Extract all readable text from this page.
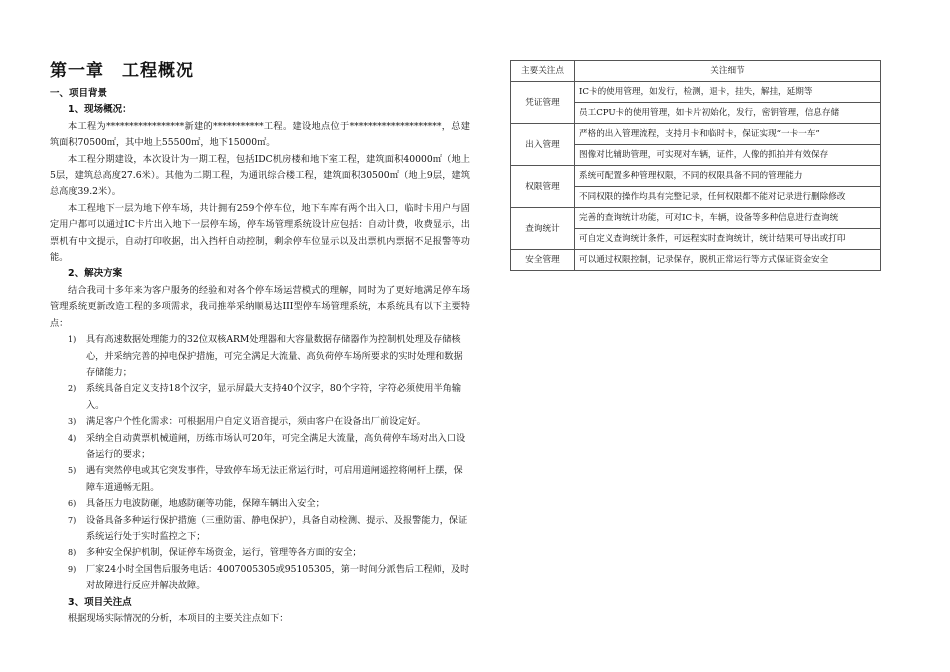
第一章 工程概况
一、项目背景
1、现场概况：
本工程为*****************新建的***********工程。建设地点位于********************，总建筑面积70500㎡，其中地上55500㎡，地下15000㎡。
本工程分期建设，本次设计为一期工程，包括IDC机房楼和地下室工程，建筑面积40000㎡（地上5层，建筑总高度27.6米）。其他为二期工程，为通讯综合楼工程，建筑面积30500㎡（地上9层，建筑总高度39.2米）。
本工程地下一层为地下停车场，共计拥有259个停车位，地下车库有两个出入口，临时卡用户与固定用户都可以通过IC卡片出入地下一层停车场，停车场管理系统设计应包括：自动计费，收费显示，出票机有中文提示，自动打印收据，出入挡杆自动控制，剩余停车位显示以及出票机内票据不足报警等功能。
2、解决方案
结合我司十多年来为客户服务的经验和对各个停车场运营模式的理解，同时为了更好地满足停车场管理系统更新改造工程的多项需求，我司推举采纳顺易达III型停车场管理系统，本系统具有以下主要特点：
1) 具有高速数据处理能力的32位双核ARM处理器和大容量数据存储器作为控制机处理及存储核心，并采纳完善的掉电保护措施，可完全满足大流量、高负荷停车场所要求的实时处理和数据存储能力；
2) 系统具备自定义支持18个汉字，显示屏最大支持40个汉字，80个字符，字符必须使用半角输入。
3) 满足客户个性化需求：可根据用户自定义语音提示，须由客户在设备出厂前设定好。
4) 采纳全自动黄票机械道闸，历练市场认可20年，可完全满足大流量，高负荷停车场对出入口设备运行的要求；
5) 遇有突然停电或其它突发事件，导致停车场无法正常运行时，可启用道闸遥控将闸杆上摆，保障车道通畅无阻。
6) 具备压力电波防砸，地感防砸等功能，保障车辆出入安全；
7) 设备具备多种运行保护措施（三重防雷、静电保护），具备自动检测、提示、及报警能力，保证系统运行处于实时监控之下；
8) 多种安全保护机制，保证停车场资金，运行，管理等各方面的安全；
9) 厂家24小时全国售后服务电话：4007005305或95105305，第一时间分派售后工程师，及时对故障进行反应并解决故障。
3、项目关注点
根据现场实际情况的分析，本项目的主要关注点如下：
主要关注点	关注细节
凭证管理	IC卡的使用管理，如发行，检测，退卡，挂失，解挂，延期等
	员工CPU卡的使用管理，如卡片初始化，发行，密钥管理，信息存储
出入管理	严格的出入管理流程，支持月卡和临时卡，保证实现“一卡一车”
	图像对比辅助管理，可实现对车辆，证件，人像的抓拍并有效保存
权限管理	系统可配置多种管理权限，不同的权限具备不同的管理能力
	不同权限的操作均具有完整记录，任何权限都不能对记录进行删除修改
查询统计	完善的查询统计功能，可对IC卡，车辆，设备等多种信息进行查询统
	可自定义查询统计条件，可远程实时查询统计，统计结果可导出或打印
安全管理	可以通过权限控制，记录保存，脱机正常运行等方式保证资金安全
